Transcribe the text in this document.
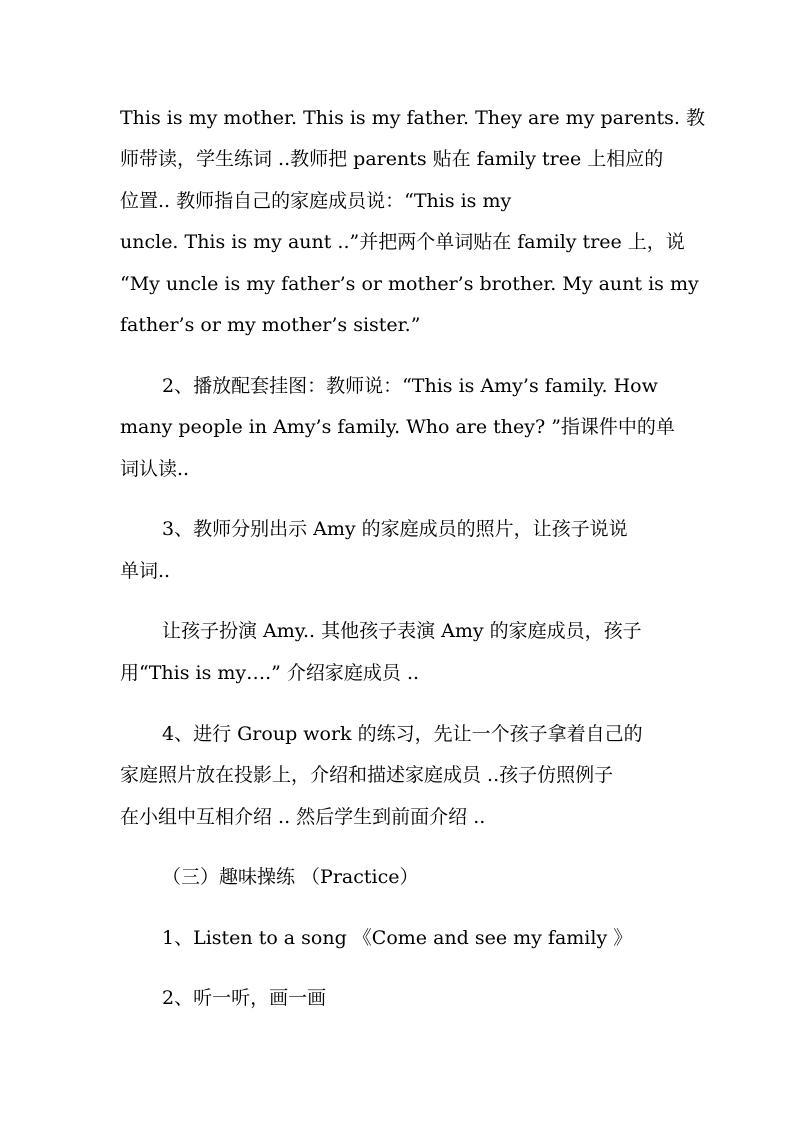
This is my mother. This is my father. They are my parents. 教
师带读，学生练词 ..教师把 parents 贴在 family tree 上相应的
位置.. 教师指自己的家庭成员说：“This is my
uncle. This is my aunt ..”并把两个单词贴在 family tree 上，说
“My uncle is my father’s or mother’s brother. My aunt is my
father’s or my mother’s sister.”
2、播放配套挂图：教师说：“This is Amy’s family. How
many people in Amy’s family. Who are they? ”指课件中的单
词认读..
3、教师分别出示 Amy 的家庭成员的照片，让孩子说说
单词..
让孩子扮演 Amy.. 其他孩子表演 Amy 的家庭成员，孩子
用“This is my….” 介绍家庭成员 ..
4、进行 Group work 的练习，先让一个孩子拿着自己的
家庭照片放在投影上，介绍和描述家庭成员 ..孩子仿照例子
在小组中互相介绍 .. 然后学生到前面介绍 ..
（三）趣味操练 （Practice）
1、Listen to a song 《Come and see my family 》
2、听一听，画一画
